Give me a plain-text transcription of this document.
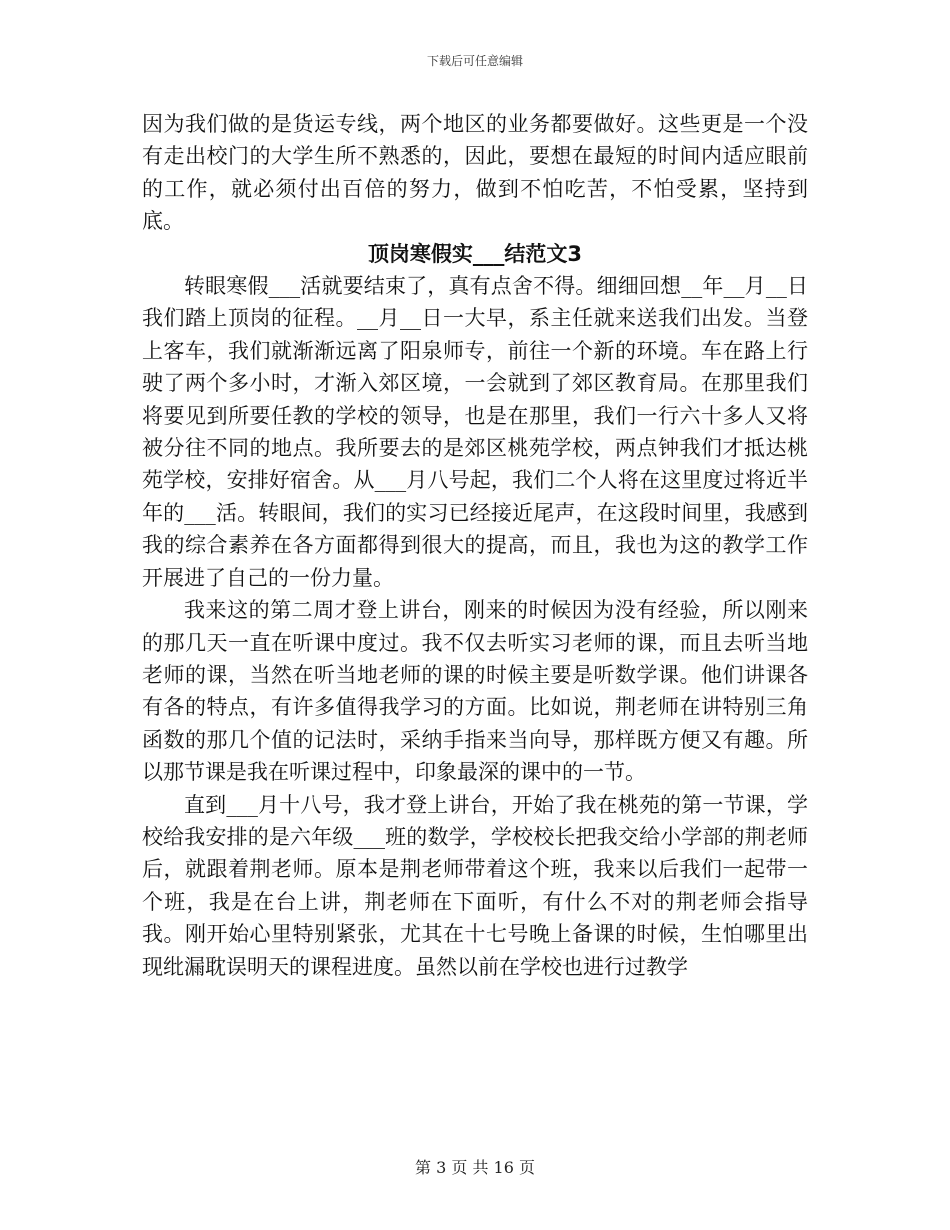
下载后可任意编辑

因为我们做的是货运专线，两个地区的业务都要做好。这些更是一个没有走出校门的大学生所不熟悉的，因此，要想在最短的时间内适应眼前的工作，就必须付出百倍的努力，做到不怕吃苦，不怕受累，坚持到底。

顶岗寒假实___结范文3

转眼寒假___活就要结束了，真有点舍不得。细细回想__年__月__日我们踏上顶岗的征程。__月__日一大早，系主任就来送我们出发。当登上客车，我们就渐渐远离了阳泉师专，前往一个新的环境。车在路上行驶了两个多小时，才渐入郊区境，一会就到了郊区教育局。在那里我们将要见到所要任教的学校的领导，也是在那里，我们一行六十多人又将被分往不同的地点。我所要去的是郊区桃苑学校，两点钟我们才抵达桃苑学校，安排好宿舍。从___月八号起，我们二个人将在这里度过将近半年的___活。转眼间，我们的实习已经接近尾声，在这段时间里，我感到我的综合素养在各方面都得到很大的提高，而且，我也为这的教学工作开展进了自己的一份力量。

我来这的第二周才登上讲台，刚来的时候因为没有经验，所以刚来的那几天一直在听课中度过。我不仅去听实习老师的课，而且去听当地老师的课，当然在听当地老师的课的时候主要是听数学课。他们讲课各有各的特点，有许多值得我学习的方面。比如说，荆老师在讲特别三角函数的那几个值的记法时，采纳手指来当向导，那样既方便又有趣。所以那节课是我在听课过程中，印象最深的课中的一节。

直到___月十八号，我才登上讲台，开始了我在桃苑的第一节课，学校给我安排的是六年级___班的数学，学校校长把我交给小学部的荆老师后，就跟着荆老师。原本是荆老师带着这个班，我来以后我们一起带一个班，我是在台上讲，荆老师在下面听，有什么不对的荆老师会指导我。刚开始心里特别紧张，尤其在十七号晚上备课的时候，生怕哪里出现纰漏耽误明天的课程进度。虽然以前在学校也进行过教学

第 3 页 共 16 页
